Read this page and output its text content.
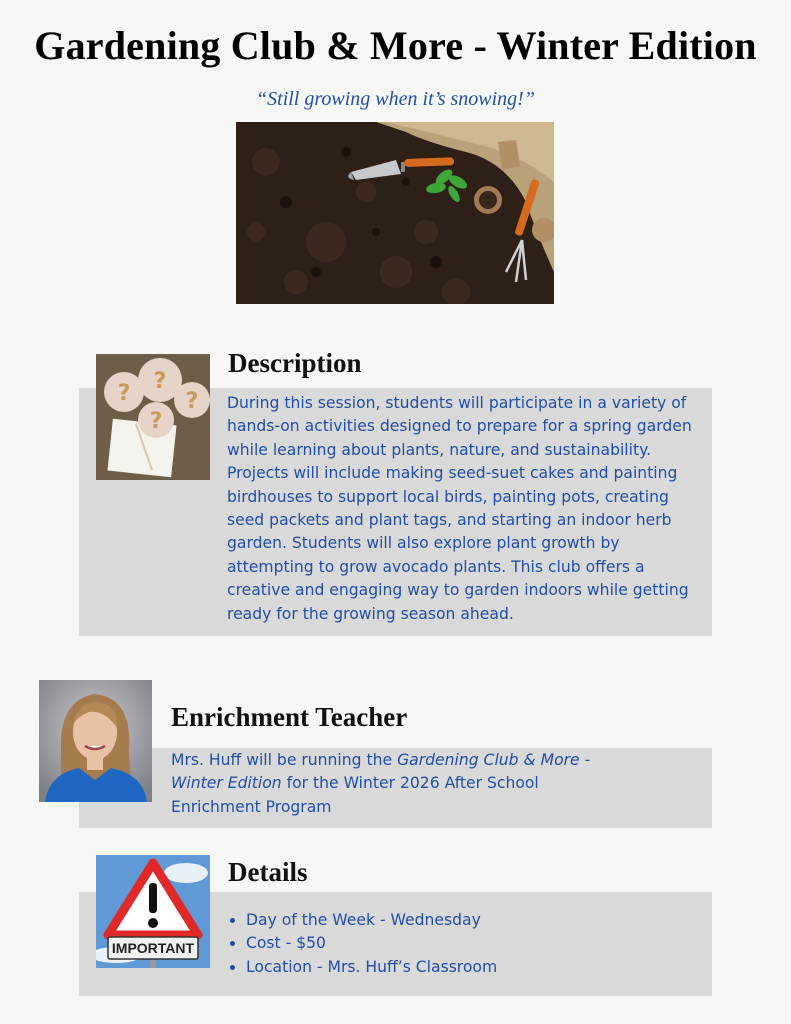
Gardening Club & More - Winter Edition
“Still growing when it’s snowing!”
? ?
?
?
Description
During this session, students will participate in a variety of hands-on activities designed to prepare for a spring garden while learning about plants, nature, and sustainability. Projects will include making seed-suet cakes and painting birdhouses to support local birds, painting pots, creating seed packets and plant tags, and starting an indoor herb garden. Students will also explore plant growth by attempting to grow avocado plants. This club offers a creative and engaging way to garden indoors while getting ready for the growing season ahead.
Enrichment Teacher
Mrs. Huff will be running the Gardening Club & More - Winter Edition for the Winter 2026 After School Enrichment Program
IMPORTANT
Details
• Day of the Week - Wednesday
• Cost - $50
• Location - Mrs. Huff’s Classroom
